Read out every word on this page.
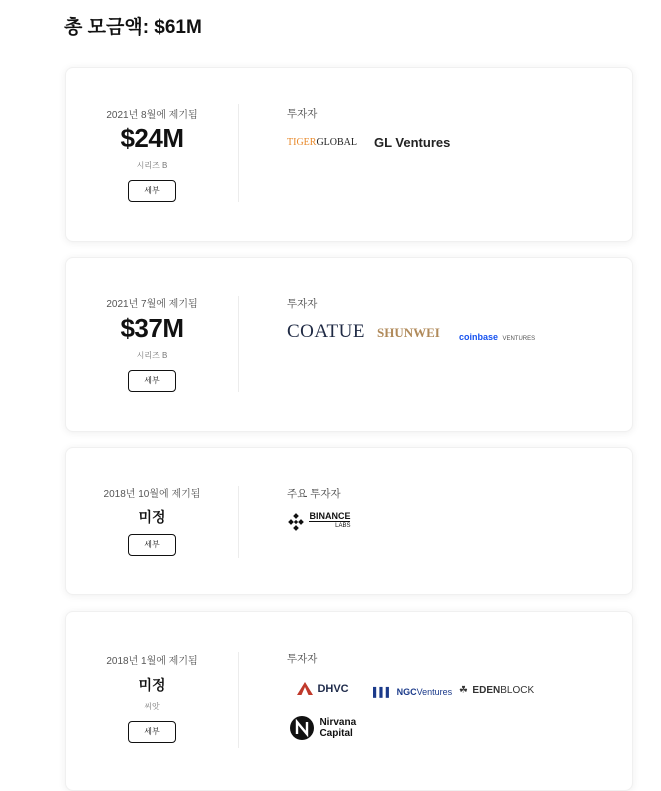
총 모금액: $61M
2021년 8월에 제기됨
$24M
시리즈 B
세부
투자자
TIGERGLOBAL GL Ventures
2021년 7월에 제기됨
$37M
시리즈 B
세부
투자자
COATUE SHUNWEI coinbase VENTURES
2018년 10월에 제기됨
미정
세부
주요 투자자

BINANCE
LABS
2018년 1월에 제기됨
미정
씨앗
세부
투자자
DHVC	▌▌▌ NGCVentures ☘ EDENBLOCK

Nirvana
Capital
